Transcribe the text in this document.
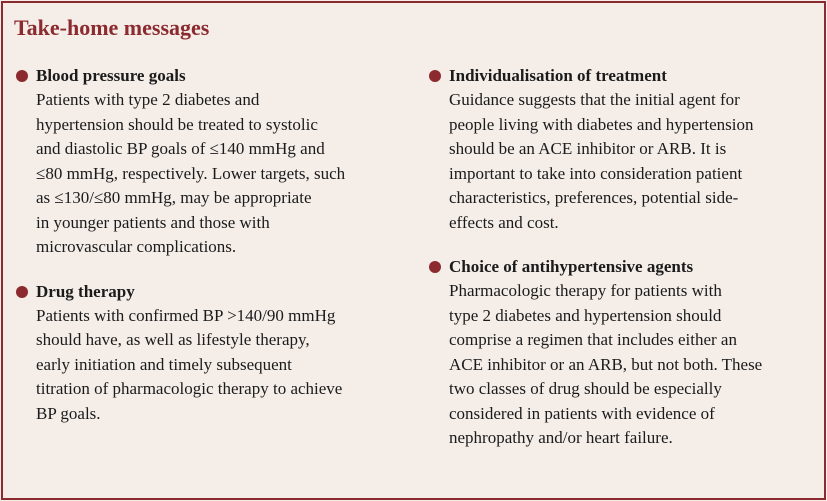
Take-home messages
Blood pressure goals

Patients with type 2 diabetes and
hypertension should be treated to systolic
and diastolic BP goals of ≤140 mmHg and
≤80 mmHg, respectively. Lower targets, such
as ≤130/≤80 mmHg, may be appropriate
in younger patients and those with
microvascular complications.

Drug therapy

Patients with confirmed BP >140/90 mmHg
should have, as well as lifestyle therapy,
early initiation and timely subsequent
titration of pharmacologic therapy to achieve
BP goals.

Individualisation of treatment

Guidance suggests that the initial agent for
people living with diabetes and hypertension
should be an ACE inhibitor or ARB. It is
important to take into consideration patient
characteristics, preferences, potential side-
effects and cost.

Choice of antihypertensive agents

Pharmacologic therapy for patients with
type 2 diabetes and hypertension should
comprise a regimen that includes either an
ACE inhibitor or an ARB, but not both. These
two classes of drug should be especially
considered in patients with evidence of
nephropathy and/or heart failure.
